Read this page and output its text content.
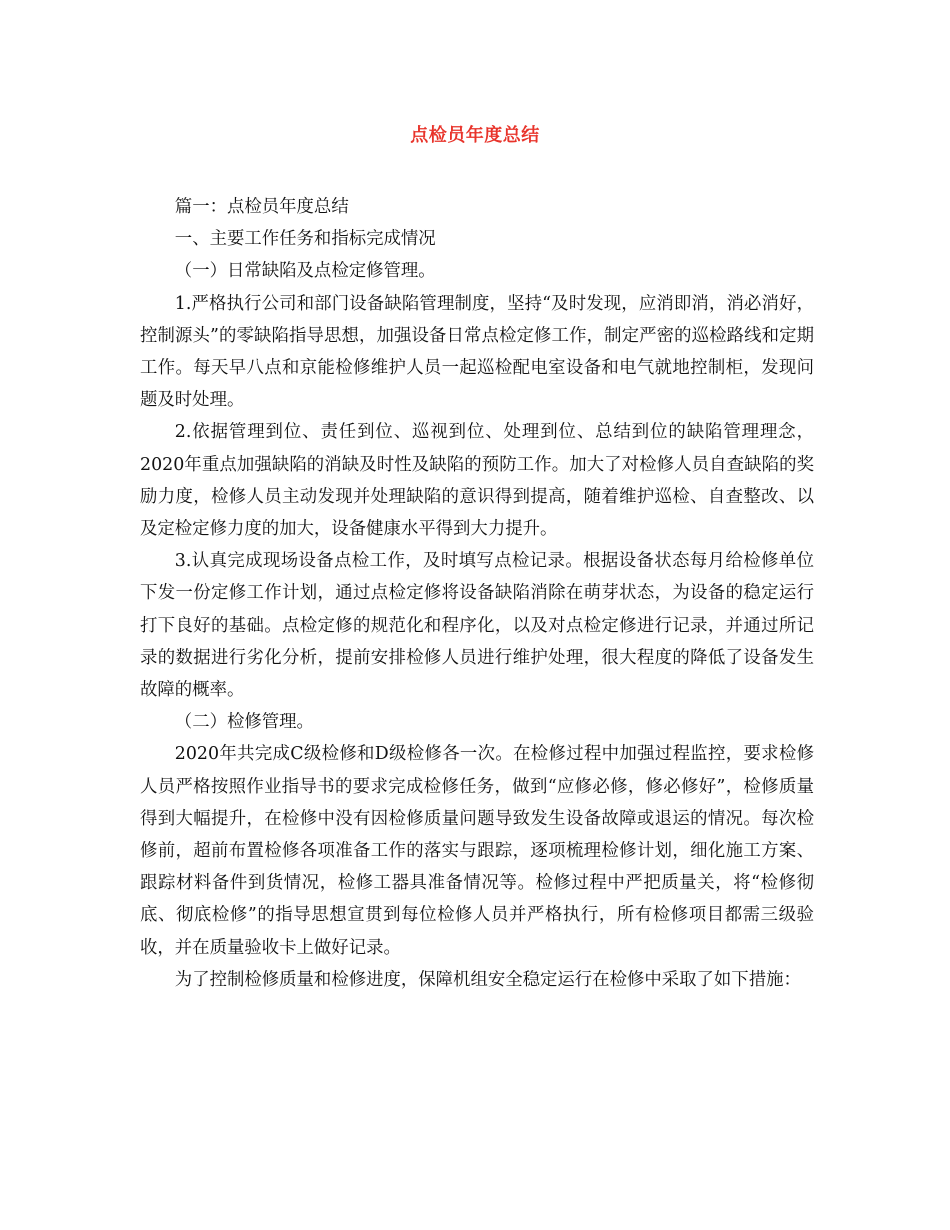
点检员年度总结

篇一：点检员年度总结

一、主要工作任务和指标完成情况

（一）日常缺陷及点检定修管理。

1.严格执行公司和部门设备缺陷管理制度，坚持“及时发现，应消即消，消必消好，控制源头”的零缺陷指导思想，加强设备日常点检定修工作，制定严密的巡检路线和定期工作。每天早八点和京能检修维护人员一起巡检配电室设备和电气就地控制柜，发现问题及时处理。

2.依据管理到位、责任到位、巡视到位、处理到位、总结到位的缺陷管理理念，2020年重点加强缺陷的消缺及时性及缺陷的预防工作。加大了对检修人员自查缺陷的奖励力度，检修人员主动发现并处理缺陷的意识得到提高，随着维护巡检、自查整改、以及定检定修力度的加大，设备健康水平得到大力提升。

3.认真完成现场设备点检工作，及时填写点检记录。根据设备状态每月给检修单位下发一份定修工作计划，通过点检定修将设备缺陷消除在萌芽状态，为设备的稳定运行打下良好的基础。点检定修的规范化和程序化，以及对点检定修进行记录，并通过所记录的数据进行劣化分析，提前安排检修人员进行维护处理，很大程度的降低了设备发生故障的概率。

（二）检修管理。

2020年共完成C级检修和D级检修各一次。在检修过程中加强过程监控，要求检修人员严格按照作业指导书的要求完成检修任务，做到“应修必修，修必修好”，检修质量得到大幅提升，在检修中没有因检修质量问题导致发生设备故障或退运的情况。每次检修前，超前布置检修各项准备工作的落实与跟踪，逐项梳理检修计划，细化施工方案、跟踪材料备件到货情况，检修工器具准备情况等。检修过程中严把质量关，将“检修彻底、彻底检修”的指导思想宣贯到每位检修人员并严格执行，所有检修项目都需三级验收，并在质量验收卡上做好记录。

为了控制检修质量和检修进度，保障机组安全稳定运行在检修中采取了如下措施：
